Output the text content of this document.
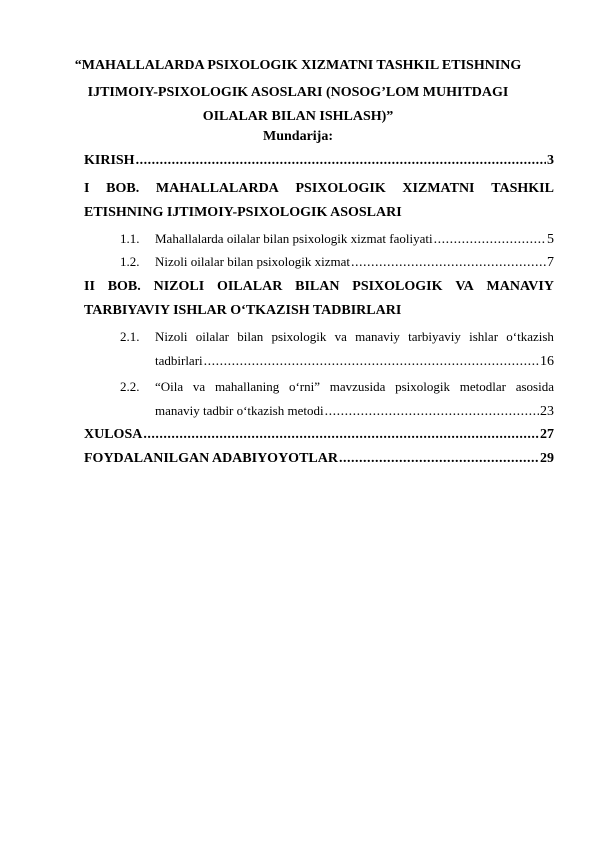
“MAHALLALARDA PSIXOLOGIK XIZMATNI TASHKIL ETISHNING
IJTIMOIY-PSIXOLOGIK ASOSLARI (NOSOG’LOM MUHITDAGI
OILALAR BILAN ISHLASH)”
Mundarija:
KIRISH .....	3
I BOB. MAHALLALARDA PSIXOLOGIK XIZMATNI TASHKIL
ETISHNING IJTIMOIY-PSIXOLOGIK ASOSLARI
1.1. Mahallalarda oilalar bilan psixologik xizmat faoliyati .....	5
1.2. Nizoli oilalar bilan psixologik xizmat .....	7
II BOB. NIZOLI OILALAR BILAN PSIXOLOGIK VA MANAVIY
TARBIYAVIY ISHLAR O‘TKAZISH TADBIRLARI
2.1. Nizoli oilalar bilan psixologik va manaviy tarbiyaviy ishlar o‘tkazish
tadbirlari .....	16
2.2. “Oila va mahallaning o‘rni” mavzusida psixologik metodlar asosida
manaviy tadbir o‘tkazish metodi .....	23
XULOSA .....	27
FOYDALANILGAN ADABIYOYOTLAR .....	29
